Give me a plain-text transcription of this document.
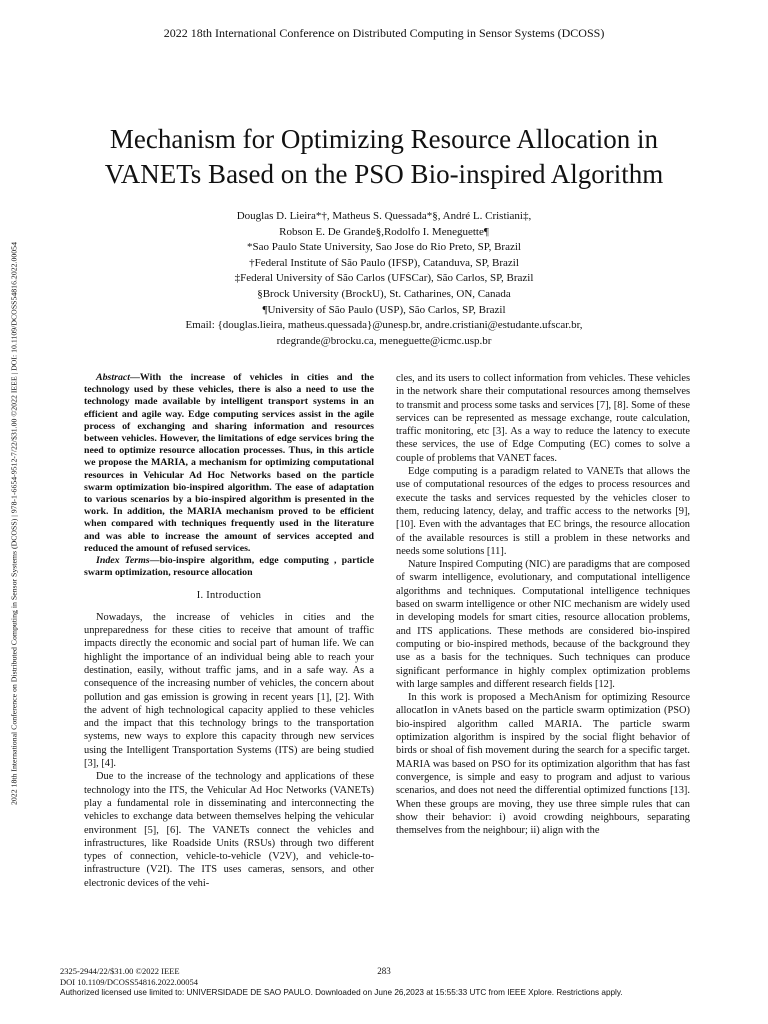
2022 18th International Conference on Distributed Computing in Sensor Systems (DCOSS)
2022 18th International Conference on Distributed Computing in Sensor Systems (DCOSS) | 978-1-6654-9512-7/22/$31.00 ©2022 IEEE | DOI: 10.1109/DCOSS54816.2022.00054
Mechanism for Optimizing Resource Allocation in
VANETs Based on the PSO Bio-inspired Algorithm
Douglas D. Lieira*†, Matheus S. Quessada*§, André L. Cristiani‡,
Robson E. De Grande§,Rodolfo I. Meneguette¶
*Sao Paulo State University, Sao Jose do Rio Preto, SP, Brazil
†Federal Institute of São Paulo (IFSP), Catanduva, SP, Brazil
‡Federal University of São Carlos (UFSCar), São Carlos, SP, Brazil
§Brock University (BrockU), St. Catharines, ON, Canada
¶University of São Paulo (USP), São Carlos, SP, Brazil
Email: {douglas.lieira, matheus.quessada}@unesp.br, andre.cristiani@estudante.ufscar.br,
rdegrande@brocku.ca, meneguette@icmc.usp.br

Abstract—With the increase of vehicles in cities and the technology used by these vehicles, there is also a need to use the technology made available by intelligent transport systems in an efficient and agile way. Edge computing services assist in the agile process of exchanging and sharing information and resources between vehicles. However, the limitations of edge services bring the need to optimize resource allocation processes. Thus, in this article we propose the MARIA, a mechanism for optimizing computational resources in Vehicular Ad Hoc Networks based on the particle swarm optimization bio-inspired algorithm. The ease of adaptation to various scenarios by a bio-inspired algorithm is presented in the work. In addition, the MARIA mechanism proved to be efficient when compared with techniques frequently used in the literature and was able to increase the amount of services accepted and reduced the amount of refused services.

Index Terms—bio-inspire algorithm, edge computing , particle swarm optimization, resource allocation

I. Introduction

Nowadays, the increase of vehicles in cities and the unpreparedness for these cities to receive that amount of traffic impacts directly the economic and social part of human life. We can highlight the importance of an individual being able to reach your destination, easily, without traffic jams, and in a safe way. As a consequence of the increasing number of vehicles, the concern about pollution and gas emission is growing in recent years [1], [2]. With the advent of high technological capacity applied to these vehicles and the impact that this technology brings to the transportation systems, new ways to explore this capacity through new services using the Intelligent Transportation Systems (ITS) are being studied [3], [4].

Due to the increase of the technology and applications of these technology into the ITS, the Vehicular Ad Hoc Networks (VANETs) play a fundamental role in disseminating and interconnecting the vehicles to exchange data between themselves helping the vehicular environment [5], [6]. The VANETs connect the vehicles and infrastructures, like Roadside Units (RSUs) through two different types of connection, vehicle-to-vehicle (V2V), and vehicle-to-infrastructure (V2I). The ITS uses cameras, sensors, and other electronic devices of the vehi-

cles, and its users to collect information from vehicles. These vehicles in the network share their computational resources among themselves to transmit and process some tasks and services [7], [8]. Some of these services can be represented as message exchange, route calculation, traffic monitoring, etc [3]. As a way to reduce the latency to execute these services, the use of Edge Computing (EC) comes to solve a couple of problems that VANET faces.

Edge computing is a paradigm related to VANETs that allows the use of computational resources of the edges to process resources and execute the tasks and services requested by the vehicles closer to them, reducing latency, delay, and traffic access to the networks [9], [10]. Even with the advantages that EC brings, the resource allocation of the available resources is still a problem in these networks and needs some solutions [11].

Nature Inspired Computing (NIC) are paradigms that are composed of swarm intelligence, evolutionary, and computational intelligence algorithms and techniques. Computational intelligence techniques based on swarm intelligence or other NIC mechanism are widely used in developing models for smart cities, resource allocation problems, and ITS applications. These methods are considered bio-inspired computing or bio-inspired methods, because of the background they use as a basis for the techniques. Such techniques can produce significant performance in highly complex optimization problems with large samples and different research fields [12].

In this work is proposed a MechAnism for optimizing Resource allocatIon in vAnets based on the particle swarm optimization (PSO) bio-inspired algorithm called MARIA. The particle swarm optimization algorithm is inspired by the social flight behavior of birds or shoal of fish movement during the search for a specific target. MARIA was based on PSO for its optimization algorithm that has fast convergence, is simple and easy to program and adjust to various scenarios, and does not need the differential optimized functions [13]. When these groups are moving, they use three simple rules that can show their behavior: i) avoid crowding neighbours, separating themselves from the neighbour; ii) align with the

2325-2944/22/$31.00 ©2022 IEEE
DOI 10.1109/DCOSS54816.2022.00054
283
Authorized licensed use limited to: UNIVERSIDADE DE SAO PAULO. Downloaded on June 26,2023 at 15:55:33 UTC from IEEE Xplore. Restrictions apply.
